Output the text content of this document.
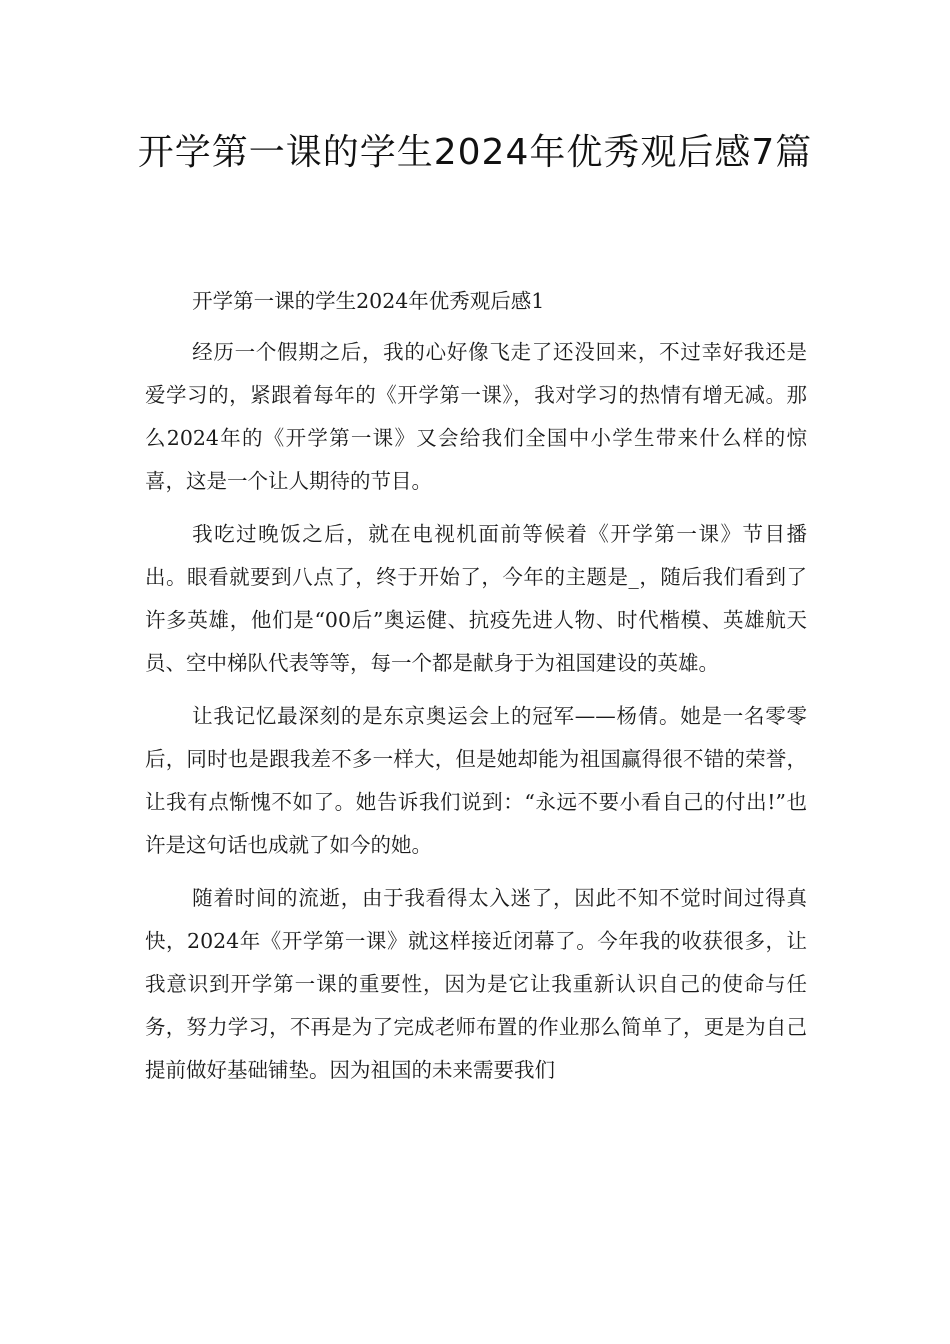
开学第一课的学生2024年优秀观后感7篇

开学第一课的学生2024年优秀观后感1

经历一个假期之后，我的心好像飞走了还没回来，不过幸好我还是爱学习的，紧跟着每年的《开学第一课》，我对学习的热情有增无减。那么2024年的《开学第一课》又会给我们全国中小学生带来什么样的惊喜，这是一个让人期待的节目。

我吃过晚饭之后，就在电视机面前等候着《开学第一课》节目播出。眼看就要到八点了，终于开始了，今年的主题是_，随后我们看到了许多英雄，他们是“00后”奥运健、抗疫先进人物、时代楷模、英雄航天员、空中梯队代表等等，每一个都是献身于为祖国建设的英雄。

让我记忆最深刻的是东京奥运会上的冠军——杨倩。她是一名零零后，同时也是跟我差不多一样大，但是她却能为祖国赢得很不错的荣誉，让我有点惭愧不如了。她告诉我们说到：“永远不要小看自己的付出!”也许是这句话也成就了如今的她。

随着时间的流逝，由于我看得太入迷了，因此不知不觉时间过得真快，2024年《开学第一课》就这样接近闭幕了。今年我的收获很多，让我意识到开学第一课的重要性，因为是它让我重新认识自己的使命与任务，努力学习，不再是为了完成老师布置的作业那么简单了，更是为自己提前做好基础铺垫。因为祖国的未来需要我们
